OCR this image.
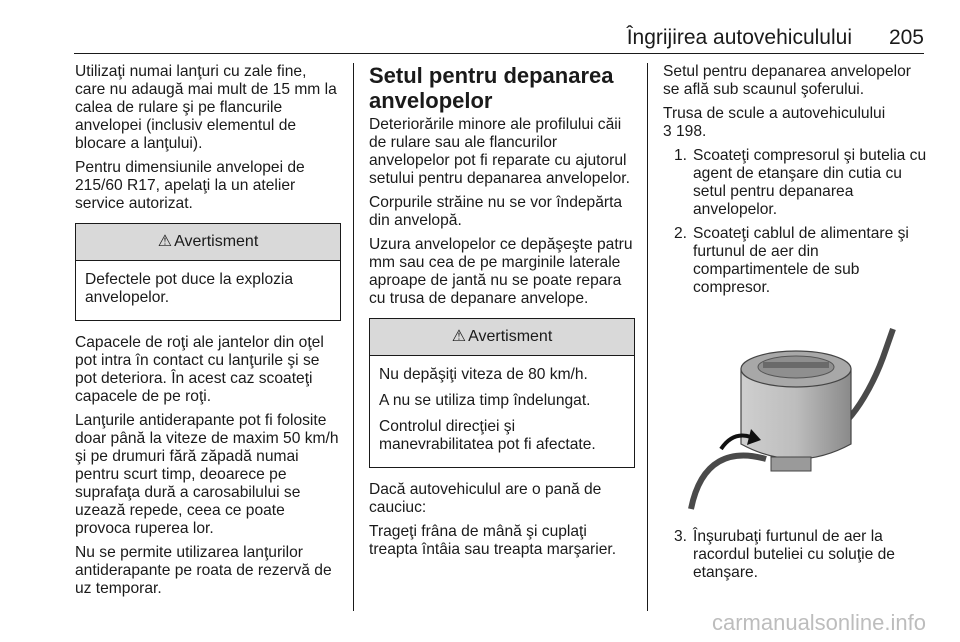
Îngrijirea autovehiculului 205

Utilizaţi numai lanţuri cu zale fine, care nu adaugă mai mult de 15 mm la calea de rulare şi pe flancurile anvelopei (inclusiv elementul de blocare a lanţului).

Pentru dimensiunile anvelopei de 215/60 R17, apelaţi la un atelier service autorizat.

⚠ Avertisment

Defectele pot duce la explozia anvelopelor.

Capacele de roţi ale jantelor din oţel pot intra în contact cu lanţurile şi se pot deteriora. În acest caz scoateţi capacele de pe roţi.

Lanţurile antiderapante pot fi folosite doar până la viteze de maxim 50 km/h şi pe drumuri fără zăpadă numai pentru scurt timp, deoarece pe suprafaţa dură a carosabilului se uzează repede, ceea ce poate provoca ruperea lor.

Nu se permite utilizarea lanţurilor antiderapante pe roata de rezervă de uz temporar.

Setul pentru depanarea anvelopelor

Deteriorările minore ale profilului căii de rulare sau ale flancurilor anvelopelor pot fi reparate cu ajutorul setului pentru depanarea anvelopelor.

Corpurile străine nu se vor îndepărta din anvelopă.

Uzura anvelopelor ce depăşeşte patru mm sau cea de pe marginile laterale aproape de jantă nu se poate repara cu trusa de depanare anvelope.

⚠ Avertisment

Nu depăşiţi viteza de 80 km/h.

A nu se utiliza timp îndelungat.

Controlul direcţiei şi manevrabilitatea pot fi afectate.

Dacă autovehiculul are o pană de cauciuc:

Trageţi frâna de mână şi cuplaţi treapta întâia sau treapta marşarier.

Setul pentru depanarea anvelopelor se află sub scaunul şoferului.

Trusa de scule a autovehiculului
3 198.

1. Scoateţi compresorul şi butelia cu agent de etanşare din cutia cu setul pentru depanarea anvelopelor.
2. Scoateţi cablul de alimentare şi furtunul de aer din compartimentele de sub compresor.
3. Înşurubaţi furtunul de aer la racordul buteliei cu soluţie de etanşare.
carmanualsonline.info
